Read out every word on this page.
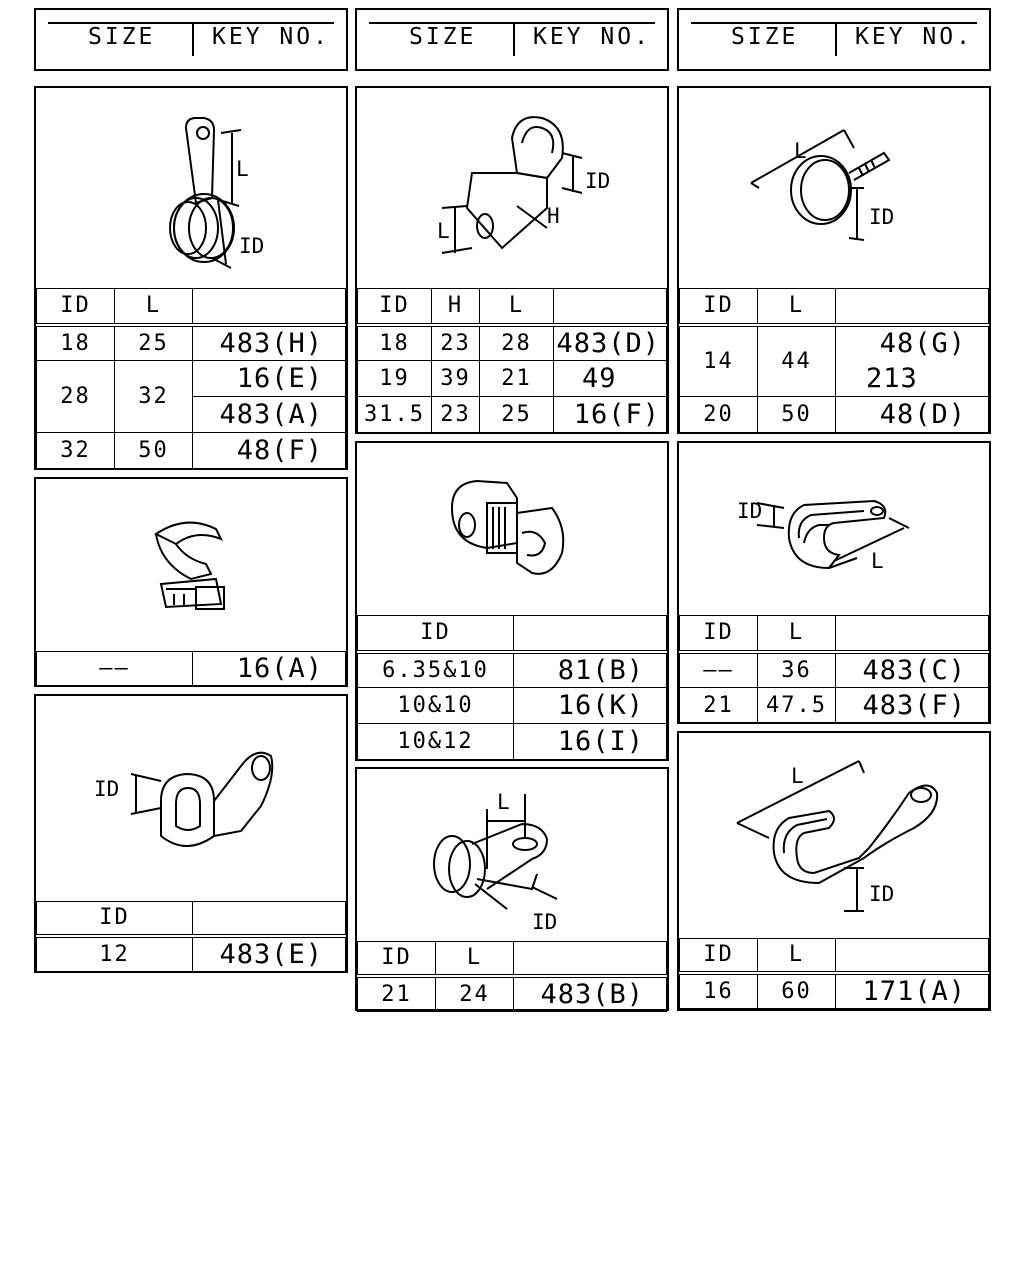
SIZE KEY NO.	SIZE KEY NO.	SIZE KEY NO.
L
ID
ID	L	
18	25	483(H)
28	32	16(E)
		483(A)
32	50	48(F)
——	16(A)
ID
ID	
12	483(E)
L
H
ID
ID	H	L	
18	23	28	483(D)
19	39	21	49
31.5	23	25	16(F)
ID	
6.35&10	81(B)
10&10	16(K)
10&12	16(I)
L
ID
ID	L	
21	24	483(B)
L
ID
ID	L	
14	44	48(G)
		213
20	50	48(D)
ID
L
ID	L	
——	36	483(C)
21	47.5	483(F)
L
ID
ID	L	
16	60	171(A)
